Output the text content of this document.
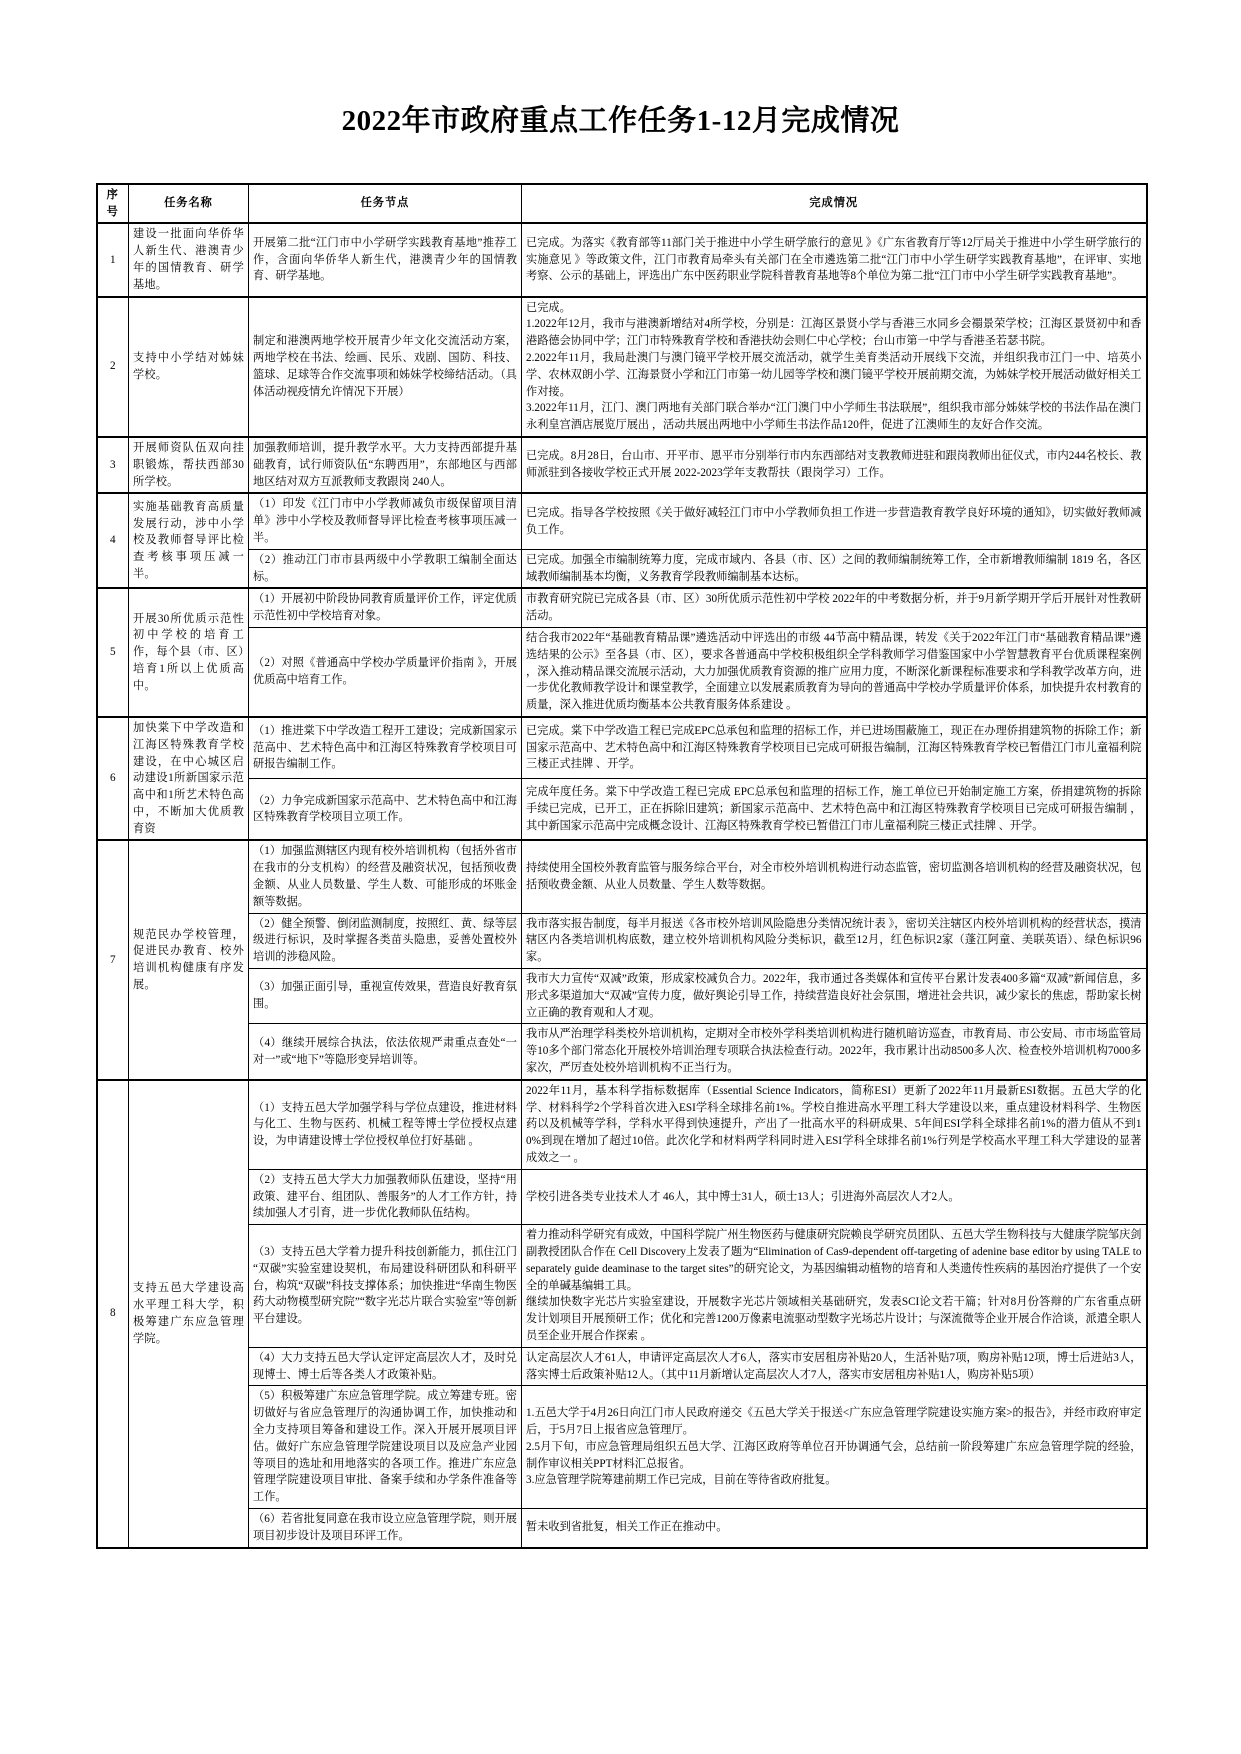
2022年市政府重点工作任务1-12月完成情况
序号	任务名称	任务节点	完成情况
1	建设一批面向华侨华人新生代、港澳青少年的国情教育、研学基地。	开展第二批“江门市中小学研学实践教育基地”推荐工作，含面向华侨华人新生代，港澳青少年的国情教育、研学基地。	已完成。为落实《教育部等11部门关于推进中小学生研学旅行的意见 》《广东省教育厅等12厅局关于推进中小学生研学旅行的实施意见 》等政策文件，江门市教育局牵头有关部门在全市遴选第二批“江门市中小学生研学实践教育基地”，在评审、实地考察、公示的基础上，评选出广东中医药职业学院科普教育基地等8个单位为第二批“江门市中小学生研学实践教育基地”。

2	支持中小学结对姊妹学校。	制定和港澳两地学校开展青少年文化交流活动方案，两地学校在书法、绘画、民乐、戏剧、国防、科技、篮球、足球等合作交流事项和姊妹学校缔结活动。（具体活动视疫情允许情况下开展）	已完成。
1.2022年12月，我市与港澳新增结对4所学校，分别是：江海区景贤小学与香港三水同乡会禤景荣学校；江海区景贤初中和香港路德会协同中学；江门市特殊教育学校和香港扶幼会则仁中心学校；台山市第一中学与香港圣若瑟书院。
2.2022年11月，我局赴澳门与澳门镜平学校开展交流活动，就学生美育类活动开展线下交流，并组织我市江门一中、培英小学、农林双朗小学、江海景贤小学和江门市第一幼儿园等学校和澳门镜平学校开展前期交流，为姊妹学校开展活动做好相关工作对接。
3.2022年11月，江门、澳门两地有关部门联合举办“江门澳门中小学师生书法联展”，组织我市部分姊妹学校的书法作品在澳门永利皇宫酒店展览厅展出 ，活动共展出两地中小学师生书法作品120件，促进了江澳师生的友好合作交流。

3	开展师资队伍双向挂职锻炼，帮扶西部30所学校。	加强教师培训，提升教学水平。大力支持西部提升基础教育，试行师资队伍“东聘西用”，东部地区与西部地区结对双方互派教师支教跟岗 240人。	已完成。8月28日，台山市、开平市、恩平市分别举行市内东西部结对支教教师进驻和跟岗教师出征仪式，市内244名校长、教师派驻到各接收学校正式开展 2022-2023学年支教帮扶（跟岗学习）工作。

4	实施基础教育高质量发展行动，涉中小学校及教师督导评比检查考核事项压减一半。	（1）印发《江门市中小学教师减负市级保留项目清单》涉中小学校及教师督导评比检查考核事项压减一半。	已完成。指导各学校按照《关于做好减轻江门市中小学教师负担工作进一步营造教育教学良好环境的通知》，切实做好教师减负工作。

		（2）推动江门市市县两级中小学教职工编制全面达标。	已完成。加强全市编制统筹力度，完成市域内、各县（市、区）之间的教师编制统筹工作，全市新增教师编制 1819 名，各区域教师编制基本均衡，义务教育学段教师编制基本达标。

5	开展30所优质示范性初中学校的培育工作，每个县（市、区）培育1所以上优质高中。	（1）开展初中阶段协同教育质量评价工作，评定优质示范性初中学校培育对象。	市教育研究院已完成各县（市、区）30所优质示范性初中学校 2022年的中考数据分析，并于9月新学期开学后开展针对性教研活动。

		（2）对照《普通高中学校办学质量评价指南 》，开展优质高中培育工作。	结合我市2022年“基础教育精品课”遴选活动中评选出的市级 44节高中精品课，转发《关于2022年江门市“基础教育精品课”遴选结果的公示》至各县（市、区），要求各普通高中学校积极组织全学科教师学习借鉴国家中小学智慧教育平台优质课程案例 ，深入推动精品课交流展示活动，大力加强优质教育资源的推广应用力度，不断深化新课程标准要求和学科教学改革方向，进一步优化教师教学设计和课堂教学，全面建立以发展素质教育为导向的普通高中学校办学质量评价体系，加快提升农村教育的质量，深入推进优质均衡基本公共教育服务体系建设 。

6	加快棠下中学改造和江海区特殊教育学校建设，在中心城区启动建设1所新国家示范高中和1所艺术特色高中，不断加大优质教育资	（1）推进棠下中学改造工程开工建设；完成新国家示范高中、艺术特色高中和江海区特殊教育学校项目可研报告编制工作。	已完成。棠下中学改造工程已完成EPC总承包和监理的招标工作，并已进场围蔽施工，现正在办理侨捐建筑物的拆除工作；新国家示范高中、艺术特色高中和江海区特殊教育学校项目已完成可研报告编制，江海区特殊教育学校已暂借江门市儿童福利院三楼正式挂牌 、开学。

		（2）力争完成新国家示范高中、艺术特色高中和江海区特殊教育学校项目立项工作。	完成年度任务。棠下中学改造工程已完成 EPC总承包和监理的招标工作，施工单位已开始制定施工方案，侨捐建筑物的拆除手续已完成，已开工，正在拆除旧建筑；新国家示范高中、艺术特色高中和江海区特殊教育学校项目已完成可研报告编制 ，其中新国家示范高中完成概念设计、江海区特殊教育学校已暂借江门市儿童福利院三楼正式挂牌 、开学。

7	规范民办学校管理，促进民办教育、校外培训机构健康有序发展。	（1）加强监测辖区内现有校外培训机构（包括外省市在我市的分支机构）的经营及融资状况，包括预收费金额、从业人员数量、学生人数、可能形成的坏账金额等数据。	持续使用全国校外教育监管与服务综合平台，对全市校外培训机构进行动态监管，密切监测各培训机构的经营及融资状况，包括预收费金额、从业人员数量、学生人数等数据。

		（2）健全预警、倒闭监测制度，按照红、黄、绿等层级进行标识，及时掌握各类苗头隐患，妥善处置校外培训的涉稳风险。	我市落实报告制度，每半月报送《各市校外培训风险隐患分类情况统计表 》，密切关注辖区内校外培训机构的经营状态，摸清辖区内各类培训机构底数，建立校外培训机构风险分类标识，截至12月，红色标识2家（蓬江阿童、美联英语）、绿色标识96家。

		（3）加强正面引导，重视宣传效果，营造良好教育氛围。	我市大力宣传“双减”政策，形成家校减负合力。2022年，我市通过各类媒体和宣传平台累计发表400多篇“双减”新闻信息，多形式多渠道加大“双减”宣传力度，做好舆论引导工作，持续营造良好社会氛围，增进社会共识，减少家长的焦虑，帮助家长树立正确的教育观和人才观。

		（4）继续开展综合执法，依法依规严肃重点查处“一对一”或“地下”等隐形变异培训等。	我市从严治理学科类校外培训机构，定期对全市校外学科类培训机构进行随机暗访巡查，市教育局、市公安局、市市场监管局等10多个部门常态化开展校外培训治理专项联合执法检查行动。2022年，我市累计出动8500多人次、检查校外培训机构7000多家次，严厉查处校外培训机构不正当行为。

8	支持五邑大学建设高水平理工科大学，积极筹建广东应急管理学院。	（1）支持五邑大学加强学科与学位点建设，推进材料与化工、生物与医药、机械工程等博士学位授权点建设，为申请建设博士学位授权单位打好基础 。	2022年11月，基本科学指标数据库（Essential Science Indicators，简称ESI）更新了2022年11月最新ESI数据。五邑大学的化学、材料科学2个学科首次进入ESI学科全球排名前1%。学校自推进高水平理工科大学建设以来，重点建设材料科学、生物医药以及机械等学科，学科水平得到快速提升，产出了一批高水平的科研成果、5年间ESI学科全球排名前1%的潜力值从不到10%到现在增加了超过10倍。此次化学和材料两学科同时进入ESI学科全球排名前1%行列是学校高水平理工科大学建设的显著成效之一 。

		（2）支持五邑大学大力加强教师队伍建设，坚持“用政策、建平台、组团队、善服务”的人才工作方针，持续加强人才引育，进一步优化教师队伍结构。	学校引进各类专业技术人才 46人，其中博士31人，硕士13人；引进海外高层次人才2人。

		（3）支持五邑大学着力提升科技创新能力，抓住江门“双碳”实验室建设契机，布局建设科研团队和科研平台，构筑“双碳”科技支撑体系；加快推进“华南生物医药大动物模型研究院”“数字光芯片联合实验室”等创新平台建设。	着力推动科学研究有成效，中国科学院广州生物医药与健康研究院赖良学研究员团队、五邑大学生物科技与大健康学院邹庆剑副教授团队合作在 Cell Discovery上发表了题为“Elimination of Cas9-dependent off-targeting of adenine base editor by using TALE to separately guide deaminase to the target sites”的研究论文，为基因编辑动植物的培育和人类遗传性疾病的基因治疗提供了一个安全的单碱基编辑工具。
继续加快数字光芯片实验室建设，开展数字光芯片领域相关基础研究，发表SCI论文若干篇；针对8月份答辩的广东省重点研发计划项目开展预研工作；优化和完善1200万像素电流驱动型数字光场芯片设计；与深流微等企业开展合作洽谈，派遣全职人员至企业开展合作探索 。

		（4）大力支持五邑大学认定评定高层次人才，及时兑现博士、博士后等各类人才政策补贴。	认定高层次人才61人，申请评定高层次人才6人，落实市安居租房补贴20人，生活补贴7项，购房补贴12项，博士后进站3人，落实博士后政策补贴12人。（其中11月新增认定高层次人才7人，落实市安居租房补贴1人，购房补贴5项）

		（5）积极筹建广东应急管理学院。成立筹建专班。密切做好与省应急管理厅的沟通协调工作，加快推动和全力支持项目筹备和建设工作。深入开展开展项目评估。做好广东应急管理学院建设项目以及应急产业园等项目的选址和用地落实的各项工作。推进广东应急管理学院建设项目审批、备案手续和办学条件准备等工作。	1.五邑大学于4月26日向江门市人民政府递交《五邑大学关于报送<广东应急管理学院建设实施方案>的报告》，并经市政府审定后，于5月7日上报省应急管理厅。
2.5月下旬，市应急管理局组织五邑大学、江海区政府等单位召开协调通气会，总结前一阶段筹建广东应急管理学院的经验，制作审议相关PPT材料汇总报省。
3.应急管理学院筹建前期工作已完成，目前在等待省政府批复。

		（6）若省批复同意在我市设立应急管理学院，则开展项目初步设计及项目环评工作。	暂未收到省批复，相关工作正在推动中。
